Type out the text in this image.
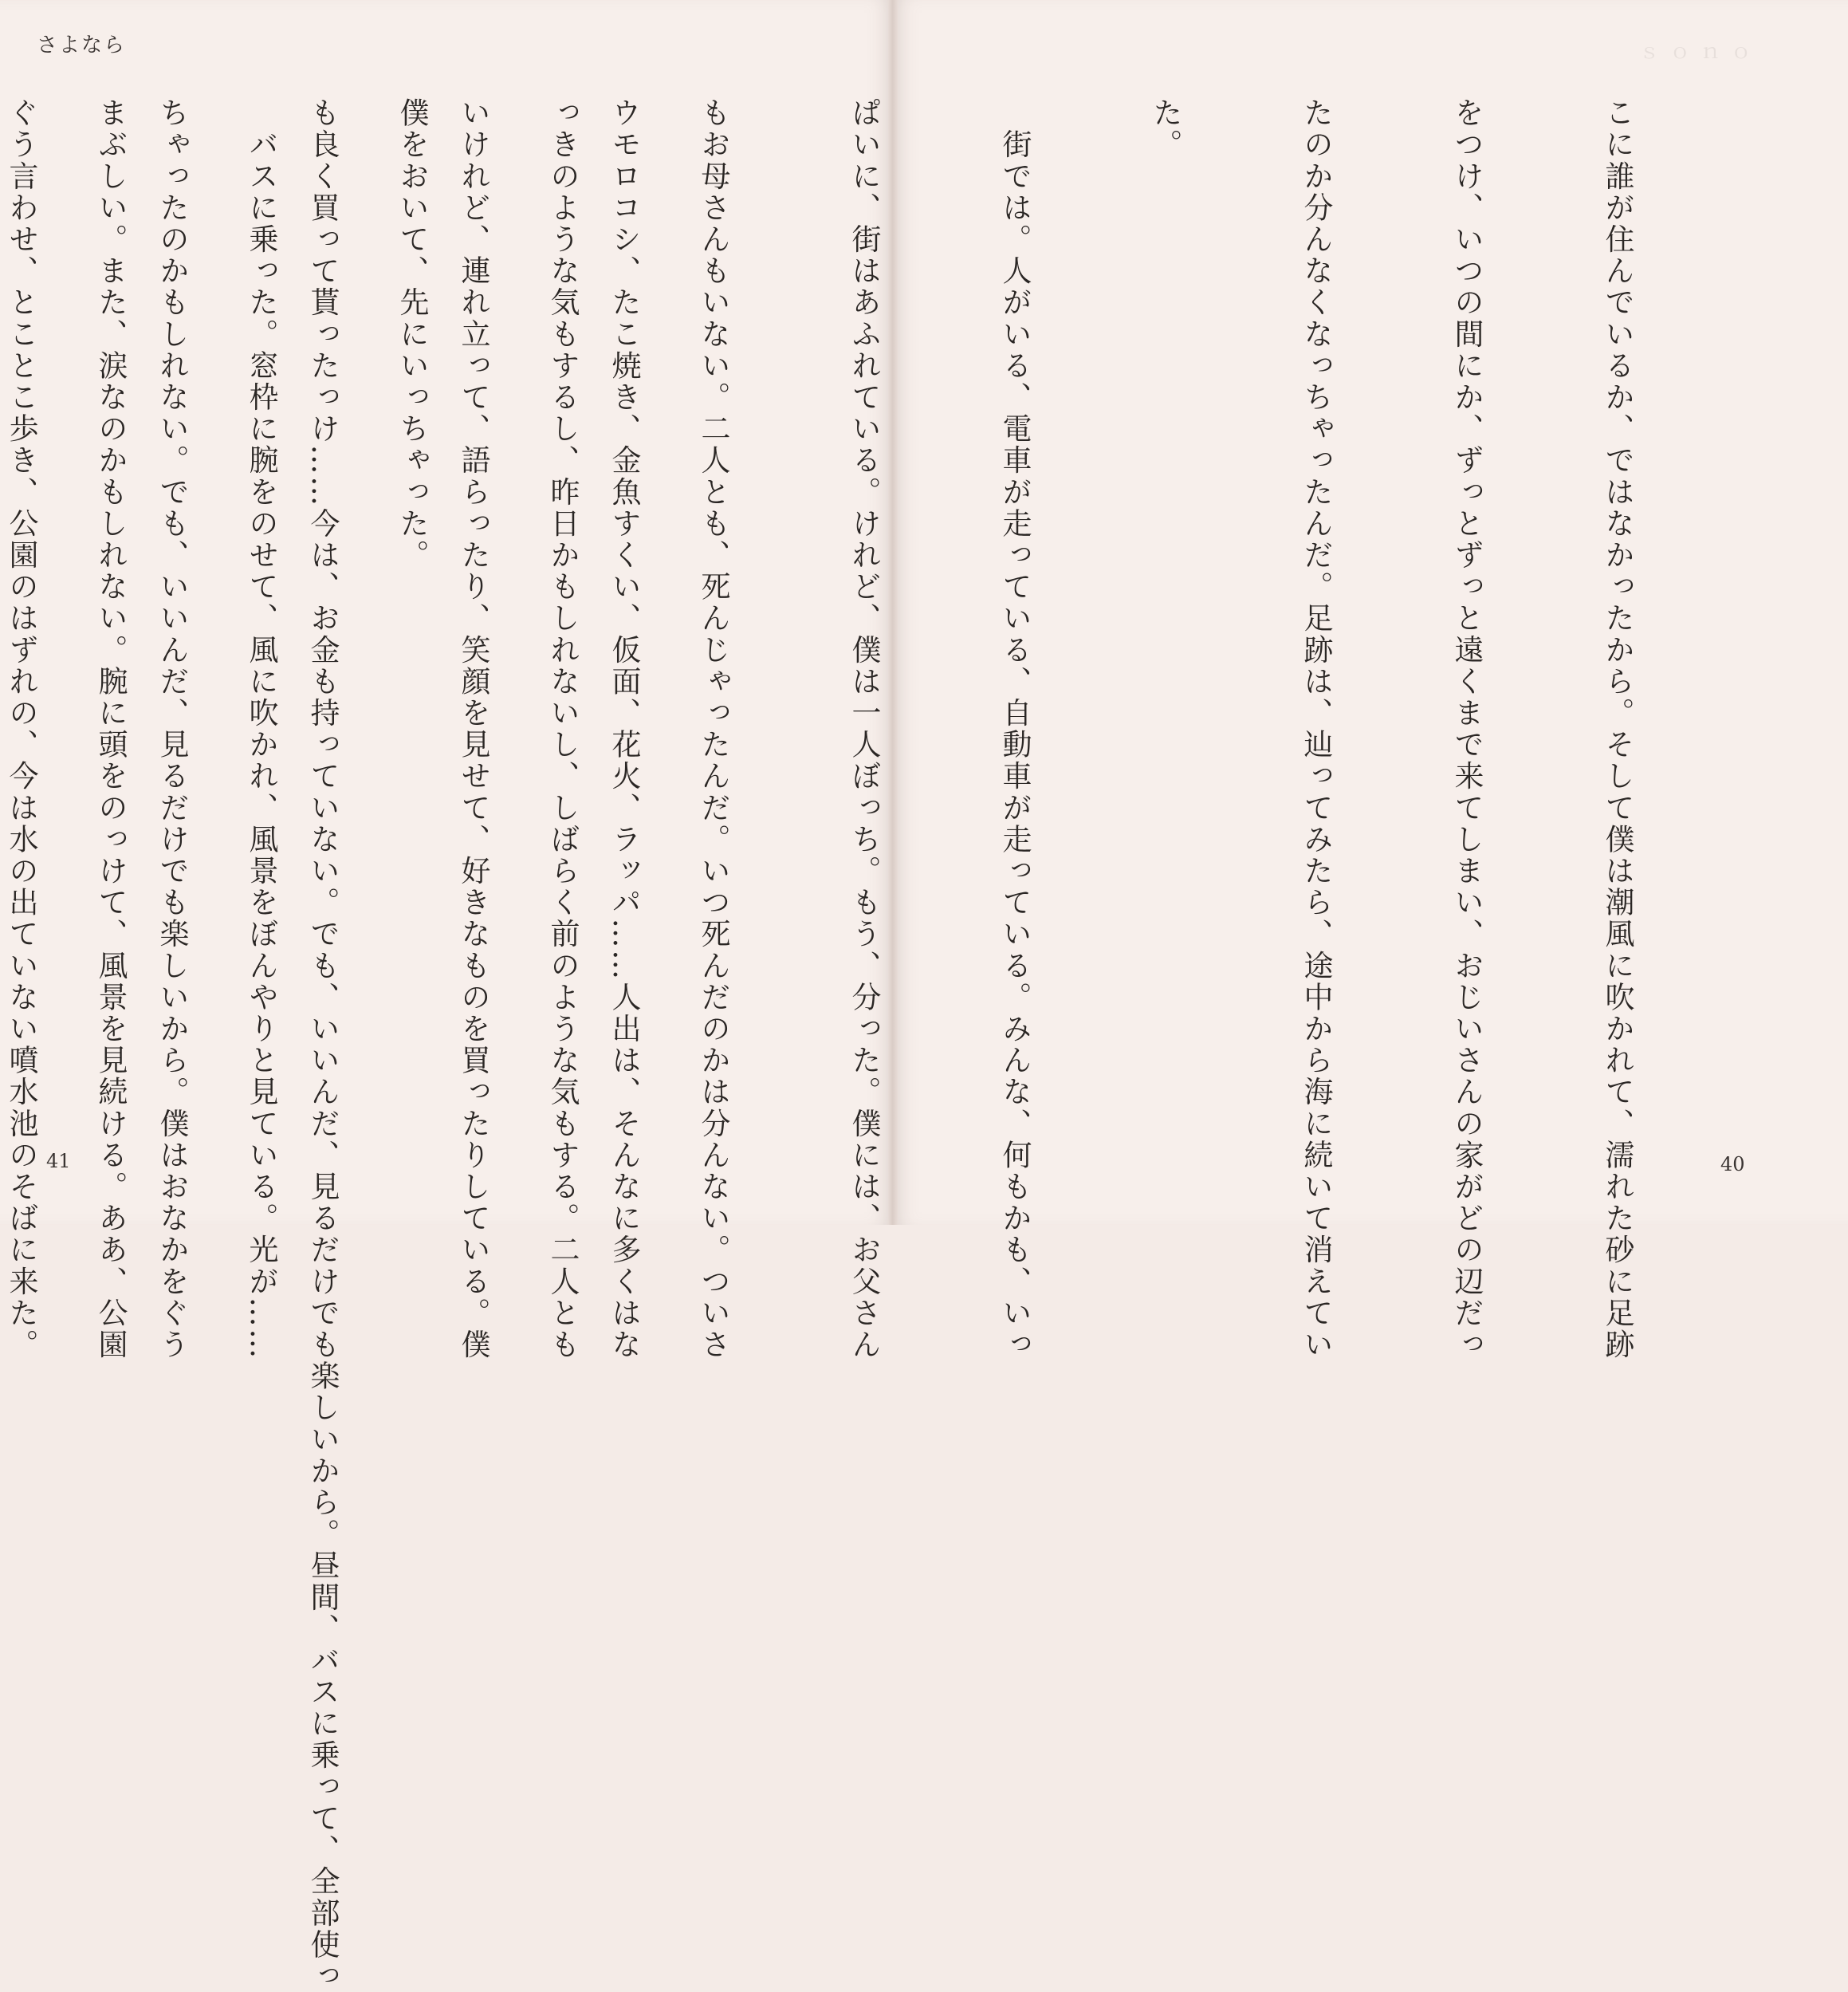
さよなら	ｓ ｏ ｎ ｏ

ウモロコシ、たこ焼き、金魚すくい、仮面、花火、ラッパ……人出は、そんなに多くはな

いけれど、連れ立って、語らったり、笑顔を見せて、好きなものを買ったりしている。僕

も良く買って貰ったっけ……今は、お金も持っていない。でも、いいんだ、見るだけでも楽しいから。昼間、バスに乗って、全部使っ

ちゃったのかもしれない。でも、いいんだ、見るだけでも楽しいから。僕はおなかをぐう

ぐう言わせ、とことこ歩き、公園のはずれの、今は水の出ていない噴水池のそばに来た。

	こに誰が住んでいるか、ではなかったから。そして僕は潮風に吹かれて、濡れた砂に足跡

をつけ、いつの間にか、ずっとずっと遠くまで来てしまい、おじいさんの家がどの辺だっ

たのか分んなくなっちゃったんだ。足跡は、辿ってみたら、途中から海に続いて消えてい

た。

　街では。人がいる、電車が走っている、自動車が走っている。みんな、何もかも、いっ

ぱいに、街はあふれている。けれど、僕は一人ぼっち。もう、分った。僕には、お父さん

もお母さんもいない。二人とも、死んじゃったんだ。いつ死んだのかは分んない。ついさ

っきのような気もするし、昨日かもしれないし、しばらく前のような気もする。二人とも

僕をおいて、先にいっちゃった。

　バスに乗った。窓枠に腕をのせて、風に吹かれ、風景をぼんやりと見ている。光が……

まぶしい。また、涙なのかもしれない。腕に頭をのっけて、風景を見続ける。ああ、公園

41	40
